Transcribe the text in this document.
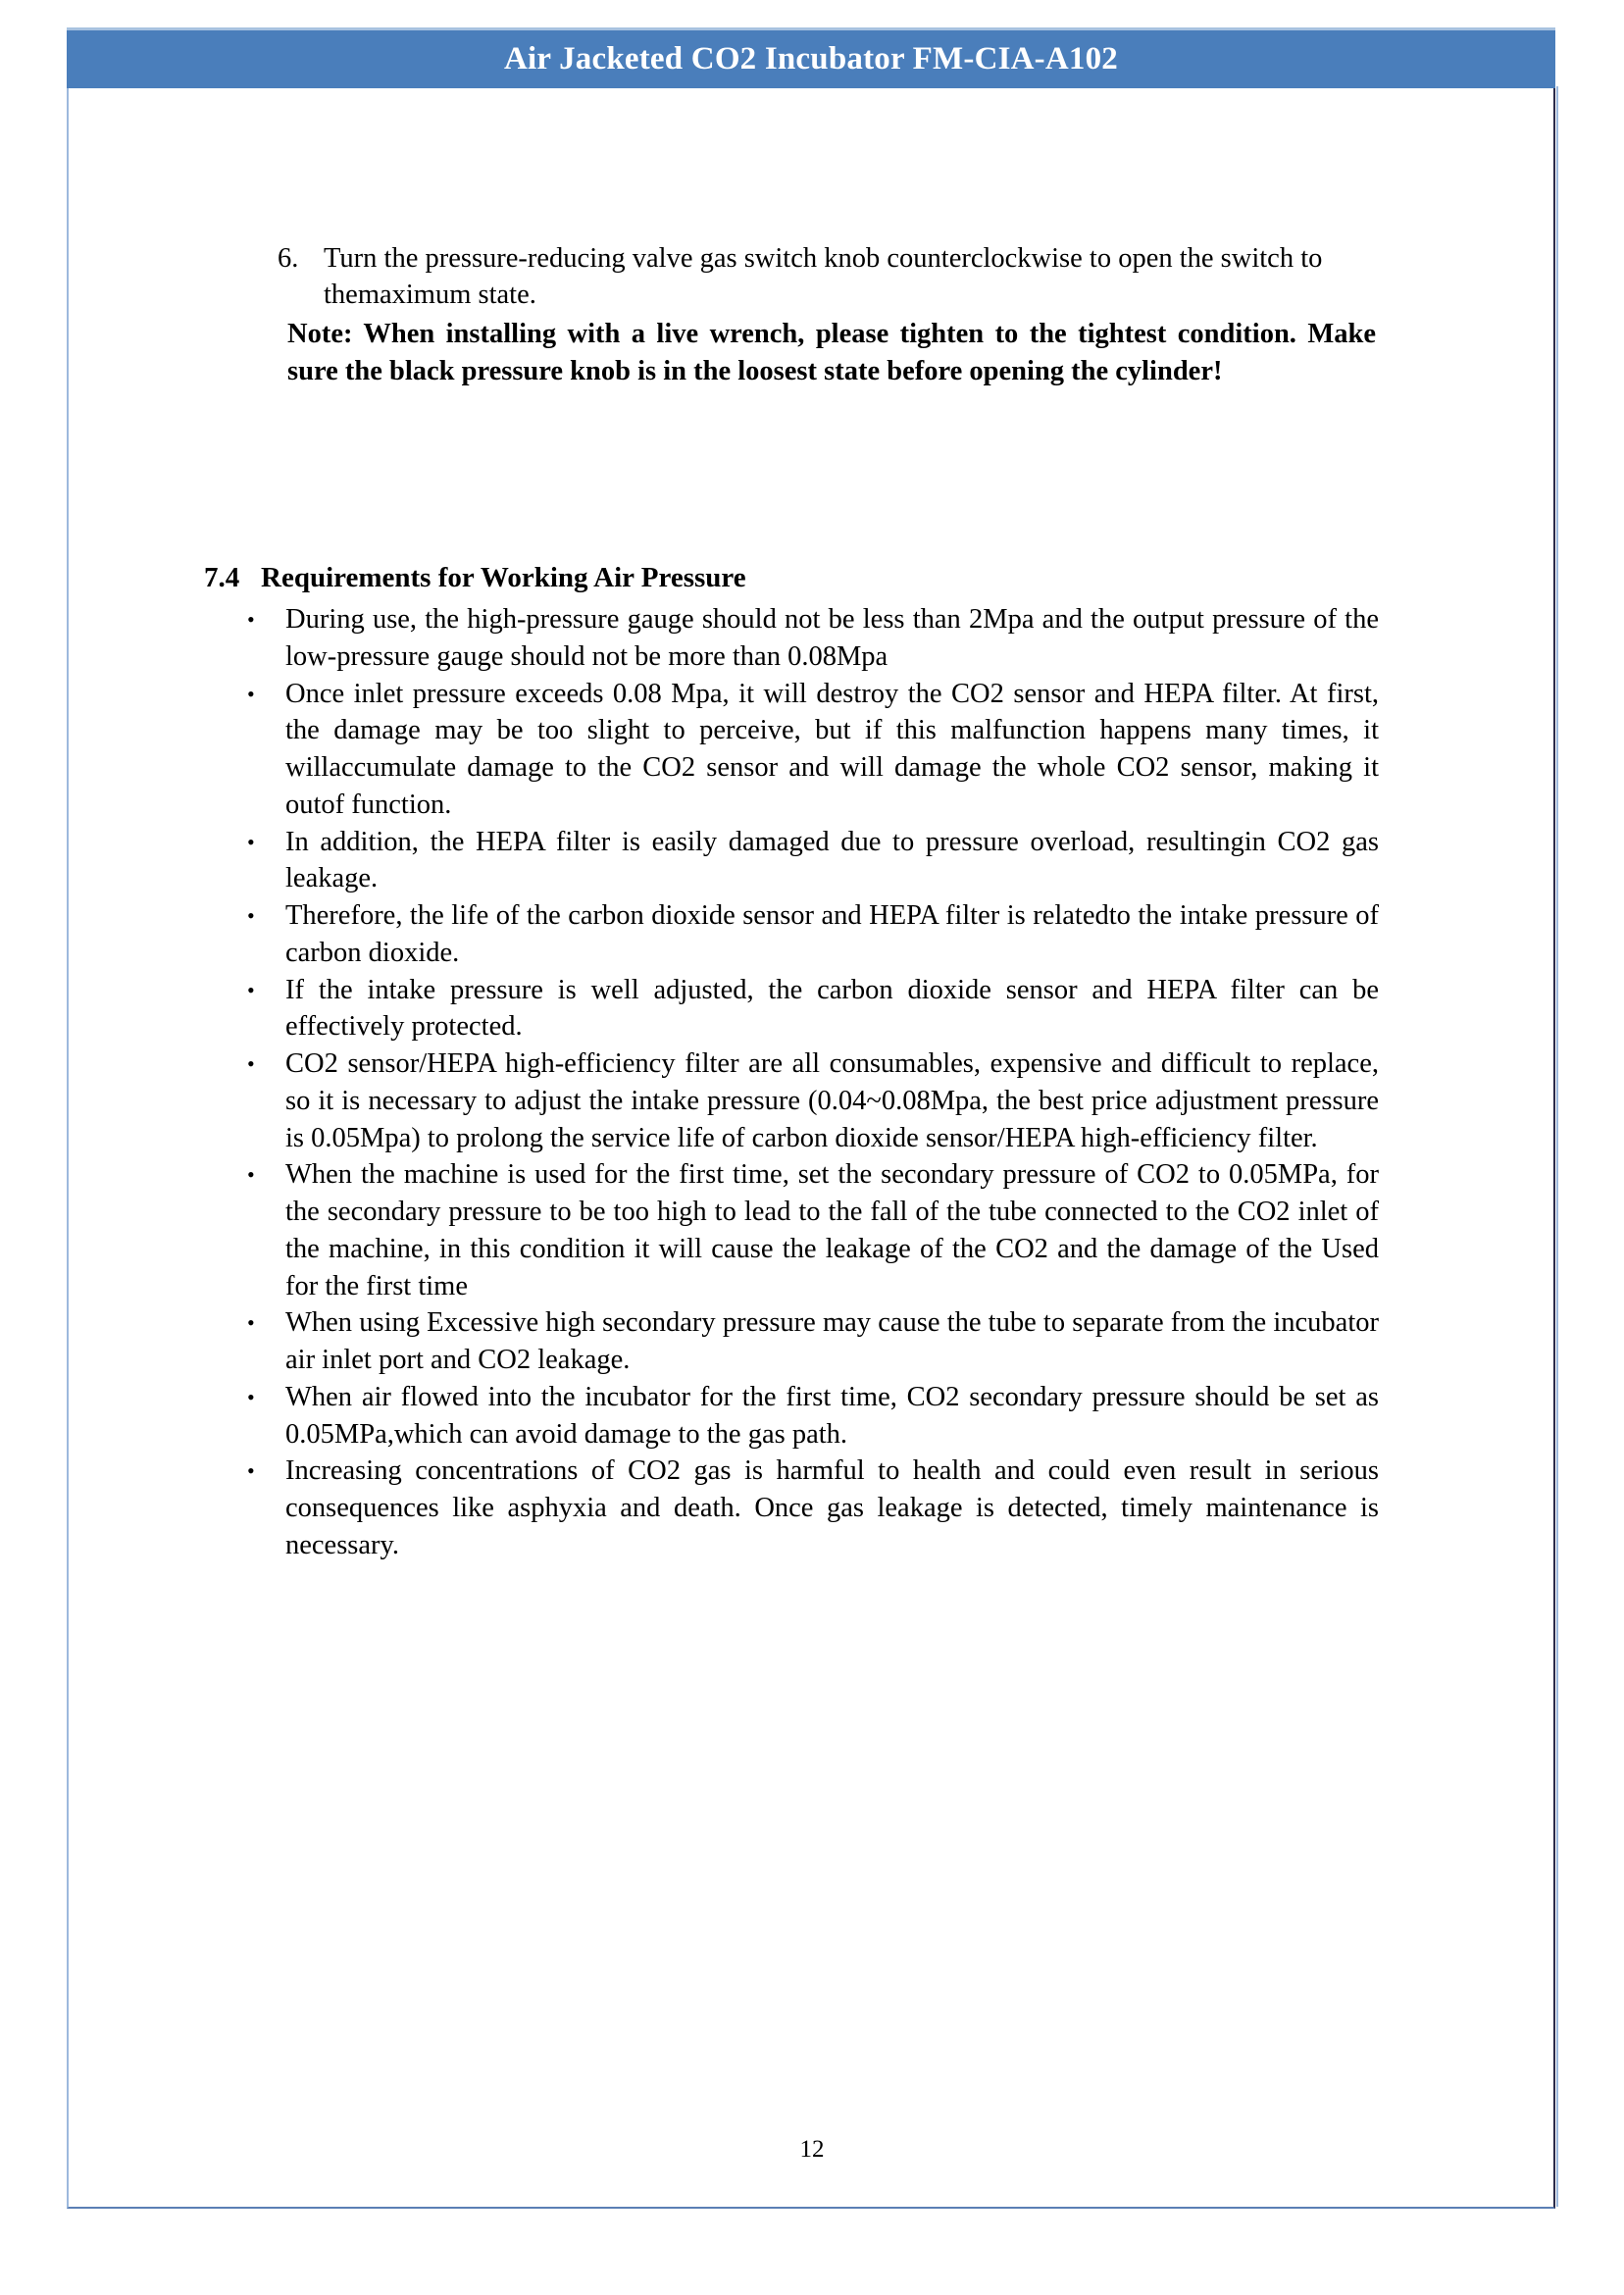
Air Jacketed CO2 Incubator FM-CIA-A102
6. Turn the pressure-reducing valve gas switch knob counterclockwise to open the switch to themaximum state.
Note: When installing with a live wrench, please tighten to the tightest condition. Make sure the black pressure knob is in the loosest state before opening the cylinder!
7.4 Requirements for Working Air Pressure
•	During use, the high-pressure gauge should not be less than 2Mpa and the output pressure of the low-pressure gauge should not be more than 0.08Mpa
•	Once inlet pressure exceeds 0.08 Mpa, it will destroy the CO2 sensor and HEPA filter. At first, the damage may be too slight to perceive, but if this malfunction happens many times, it willaccumulate damage to the CO2 sensor and will damage the whole CO2 sensor, making it outof function.
•	In addition, the HEPA filter is easily damaged due to pressure overload, resultingin CO2 gas leakage.
•	Therefore, the life of the carbon dioxide sensor and HEPA filter is relatedto the intake pressure of carbon dioxide.
•	If the intake pressure is well adjusted, the carbon dioxide sensor and HEPA filter can be effectively protected.
•	CO2 sensor/HEPA high-efficiency filter are all consumables, expensive and difficult to replace, so it is necessary to adjust the intake pressure (0.04~0.08Mpa, the best price adjustment pressure is 0.05Mpa) to prolong the service life of carbon dioxide sensor/HEPA high-efficiency filter.
•	When the machine is used for the first time, set the secondary pressure of CO2 to 0.05MPa, for the secondary pressure to be too high to lead to the fall of the tube connected to the CO2 inlet of the machine, in this condition it will cause the leakage of the CO2 and the damage of the Used for the first time
•	When using Excessive high secondary pressure may cause the tube to separate from the incubator air inlet port and CO2 leakage.
•	When air flowed into the incubator for the first time, CO2 secondary pressure should be set as 0.05MPa,which can avoid damage to the gas path.
•	Increasing concentrations of CO2 gas is harmful to health and could even result in serious consequences like asphyxia and death. Once gas leakage is detected, timely maintenance is necessary.
12
